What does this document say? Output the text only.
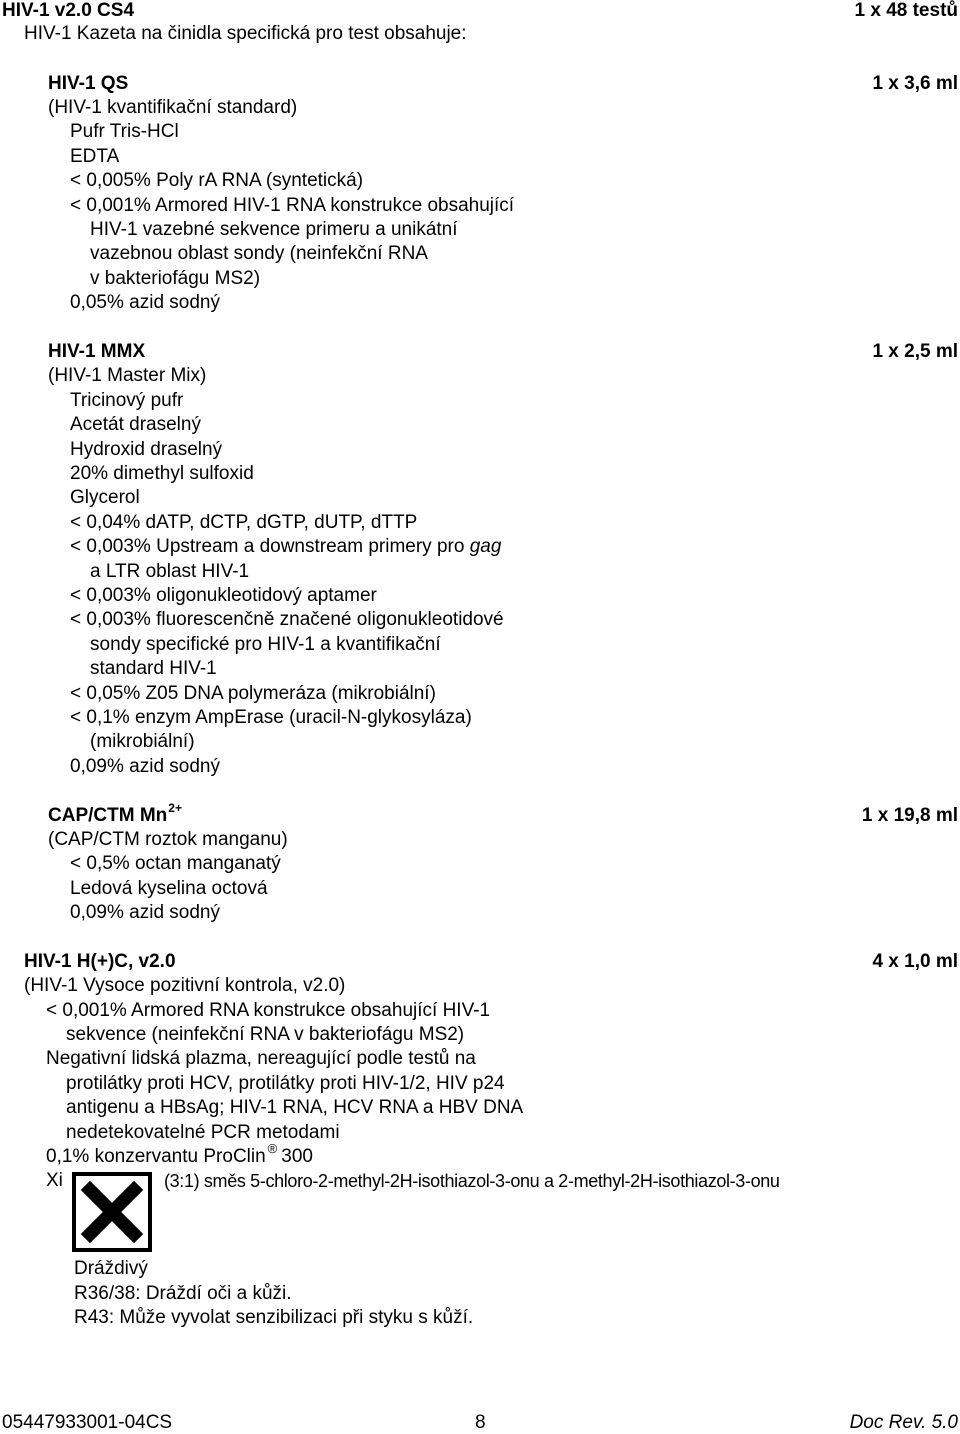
HIV-1 v2.0 CS4	1 x 48 testů
HIV-1 Kazeta na činidla specifická pro test obsahuje:
HIV-1 QS	1 x 3,6 ml
(HIV-1 kvantifikační standard)
Pufr Tris-HCl
EDTA
< 0,005% Poly rA RNA (syntetická)
< 0,001% Armored HIV-1 RNA konstrukce obsahující
HIV-1 vazebné sekvence primeru a unikátní
vazebnou oblast sondy (neinfekční RNA
v bakteriofágu MS2)
0,05% azid sodný
HIV-1 MMX	1 x 2,5 ml
(HIV-1 Master Mix)
Tricinový pufr
Acetát draselný
Hydroxid draselný
20% dimethyl sulfoxid
Glycerol
< 0,04% dATP, dCTP, dGTP, dUTP, dTTP
< 0,003% Upstream a downstream primery pro gag
a LTR oblast HIV-1
< 0,003% oligonukleotidový aptamer
< 0,003% fluorescenčně značené oligonukleotidové
sondy specifické pro HIV-1 a kvantifikační
standard HIV-1
< 0,05% Z05 DNA polymeráza (mikrobiální)
< 0,1% enzym AmpErase (uracil-N-glykosyláza)
(mikrobiální)
0,09% azid sodný
CAP/CTM $Mn^{2+}$	1 x 19,8 ml
(CAP/CTM roztok manganu)
< 0,5% octan manganatý
Ledová kyselina octová
0,09% azid sodný
HIV-1 H(+)C, v2.0	4 x 1,0 ml
(HIV-1 Vysoce pozitivní kontrola, v2.0)
< 0,001% Armored RNA konstrukce obsahující HIV-1
sekvence (neinfekční RNA v bakteriofágu MS2)
Negativní lidská plazma, nereagující podle testů na
protilátky proti HCV, protilátky proti HIV-1/2, HIV p24
antigenu a HBsAg; HIV-1 RNA, HCV RNA a HBV DNA
nedetekovatelné PCR metodami
0,1% konzervantu ProClin ® 300
Xi	(3:1) směs 5-chloro-2-methyl-2H-isothiazol-3-onu a 2-methyl-2H-isothiazol-3-onu
Dráždivý
R36/38: Dráždí oči a kůži.
R43: Může vyvolat senzibilizaci při styku s kůží.
05447933001-04CS	8	Doc Rev. 5.0
